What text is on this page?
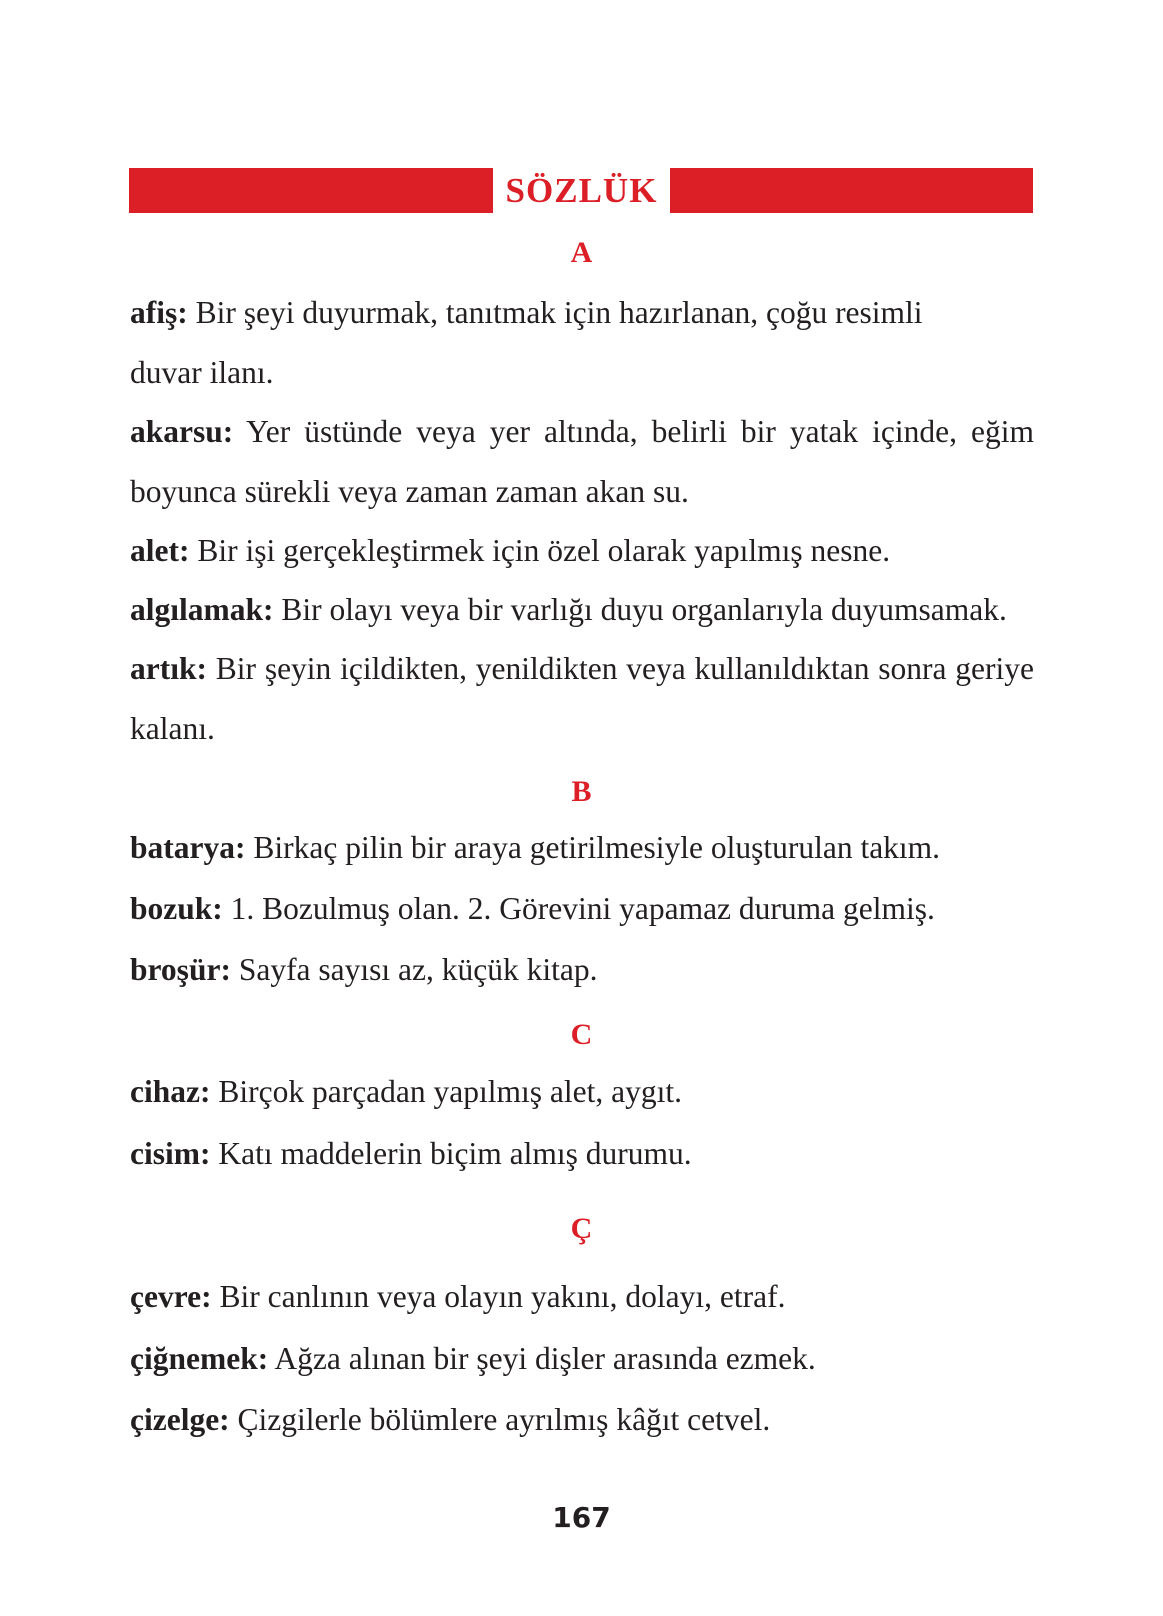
SÖZLÜK
A

afiş: Bir şeyi duyurmak, tanıtmak için hazırlanan, çoğu resimli duvar ilanı.

akarsu: Yer üstünde veya yer altında, belirli bir yatak içinde, eğim boyunca sürekli veya zaman zaman akan su.

alet: Bir işi gerçekleştirmek için özel olarak yapılmış nesne.

algılamak: Bir olayı veya bir varlığı duyu organlarıyla duyumsamak.

artık: Bir şeyin içildikten, yenildikten veya kullanıldıktan sonra geriye kalanı.

B

batarya: Birkaç pilin bir araya getirilmesiyle oluşturulan takım.

bozuk: 1. Bozulmuş olan. 2. Görevini yapamaz duruma gelmiş.

broşür: Sayfa sayısı az, küçük kitap.

C

cihaz: Birçok parçadan yapılmış alet, aygıt.

cisim: Katı maddelerin biçim almış durumu.

Ç

çevre: Bir canlının veya olayın yakını, dolayı, etraf.

çiğnemek: Ağza alınan bir şeyi dişler arasında ezmek.

çizelge: Çizgilerle bölümlere ayrılmış kâğıt cetvel.

167
